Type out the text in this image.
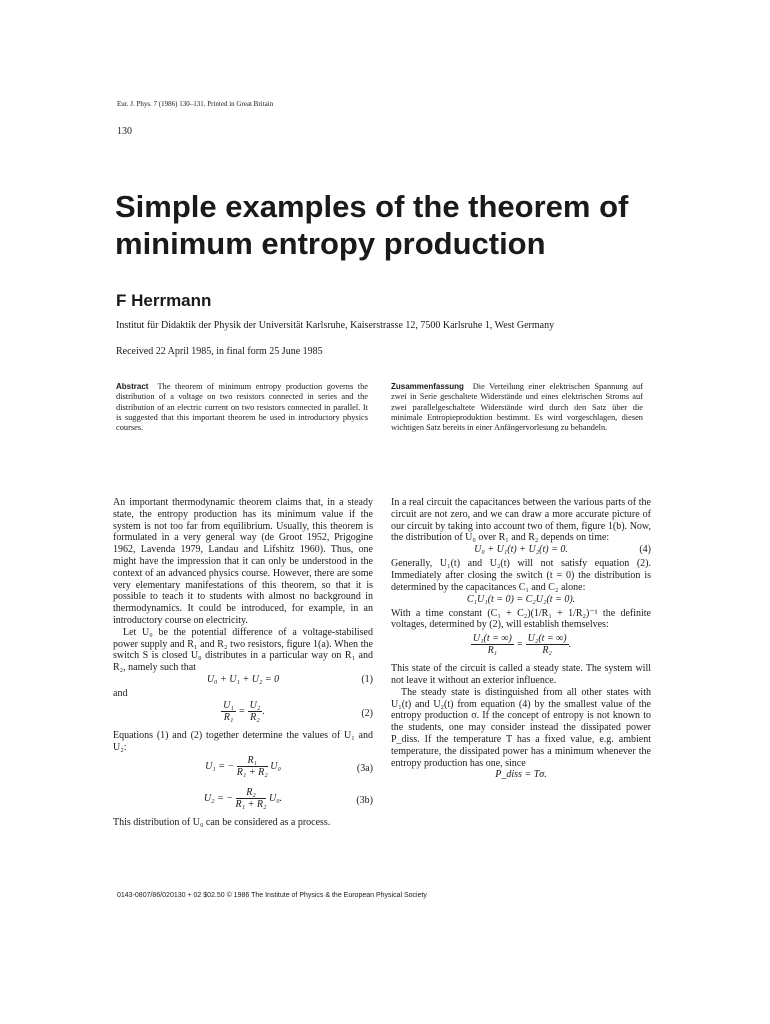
Eur. J. Phys. 7 (1986) 130–131. Printed in Great Britain
130
Simple examples of the theorem of minimum entropy production
F Herrmann
Institut für Didaktik der Physik der Universität Karlsruhe, Kaiserstrasse 12, 7500 Karlsruhe 1, West Germany
Received 22 April 1985, in final form 25 June 1985
Abstract The theorem of minimum entropy production governs the distribution of a voltage on two resistors connected in series and the distribution of an electric current on two resistors connected in parallel. It is suggested that this important theorem be used in introductory physics courses.
Zusammenfassung Die Verteilung einer elektrischen Spannung auf zwei in Serie geschaltete Widerstände und eines elektrischen Stroms auf zwei parallelgeschaltete Widerstände wird durch den Satz über die minimale Entropieproduktion bestimmt. Es wird vorgeschlagen, diesen wichtigen Satz bereits in einer Anfängervorlesung zu behandeln.

An important thermodynamic theorem claims that, in a steady state, the entropy production has its minimum value if the system is not too far from equilibrium. Usually, this theorem is formulated in a very general way (de Groot 1952, Prigogine 1962, Lavenda 1979, Landau and Lifshitz 1960). Thus, one might have the impression that it can only be understood in the context of an advanced physics course. However, there are some very elementary manifestations of this theorem, so that it is possible to teach it to students with almost no background in thermodynamics. It could be introduced, for example, in an introductory course on electricity.

Let U₀ be the potential difference of a voltage-stabilised power supply and R₁ and R₂ two resistors, figure 1(a). When the switch S is closed U₀ distributes in a particular way on R₁ and R₂, namely such that

U₀ + U₁ + U₂ = 0	(1)

and

$\frac{\text{U₁}}{\text{R₁}} = \frac{\text{U₂}}{\text{R₂}}$ .	(2)

Equations (1) and (2) together determine the values of U₁ and U₂:

U₁ = − $\frac{\text{R₁}}{\text{R₁ + R₂}} U_0$	(3a)
U₂ = − $\frac{\text{R₂}}{\text{R₁ + R₂}} U_0$.	(3b)

This distribution of U₀ can be considered as a process.

In a real circuit the capacitances between the various parts of the circuit are not zero, and we can draw a more accurate picture of our circuit by taking into account two of them, figure 1(b). Now, the distribution of U₀ over R₁ and R₂ depends on time:

U₀ + U₁(t) + U₂(t) = 0.	(4)

Generally, U₁(t) and U₂(t) will not satisfy equation (2). Immediately after closing the switch (t = 0) the distribution is determined by the capacitances C₁ and C₂ alone:

C₁U₁(t = 0) = C₂U₂(t = 0).

With a time constant (C₁ + C₂)(1/R₁ + 1/R₂)⁻¹ the definite voltages, determined by (2), will establish themselves:

$\frac{\text{U₁(t = ∞)}}{\text{R₁}} = \frac{\text{U₂(t = ∞)}}{\text{R₂}}$ .

This state of the circuit is called a steady state. The system will not leave it without an exterior influence.

The steady state is distinguished from all other states with U₁(t) and U₂(t) from equation (4) by the smallest value of the entropy production σ. If the concept of entropy is not known to the students, one may consider instead the dissipated power P_diss. If the temperature T has a fixed value, e.g. ambient temperature, the dissipated power has a minimum whenever the entropy production has one, since

P_diss = Tσ.
0143-0807/86/020130 + 02 $02.50 © 1986 The Institute of Physics & the European Physical Society
